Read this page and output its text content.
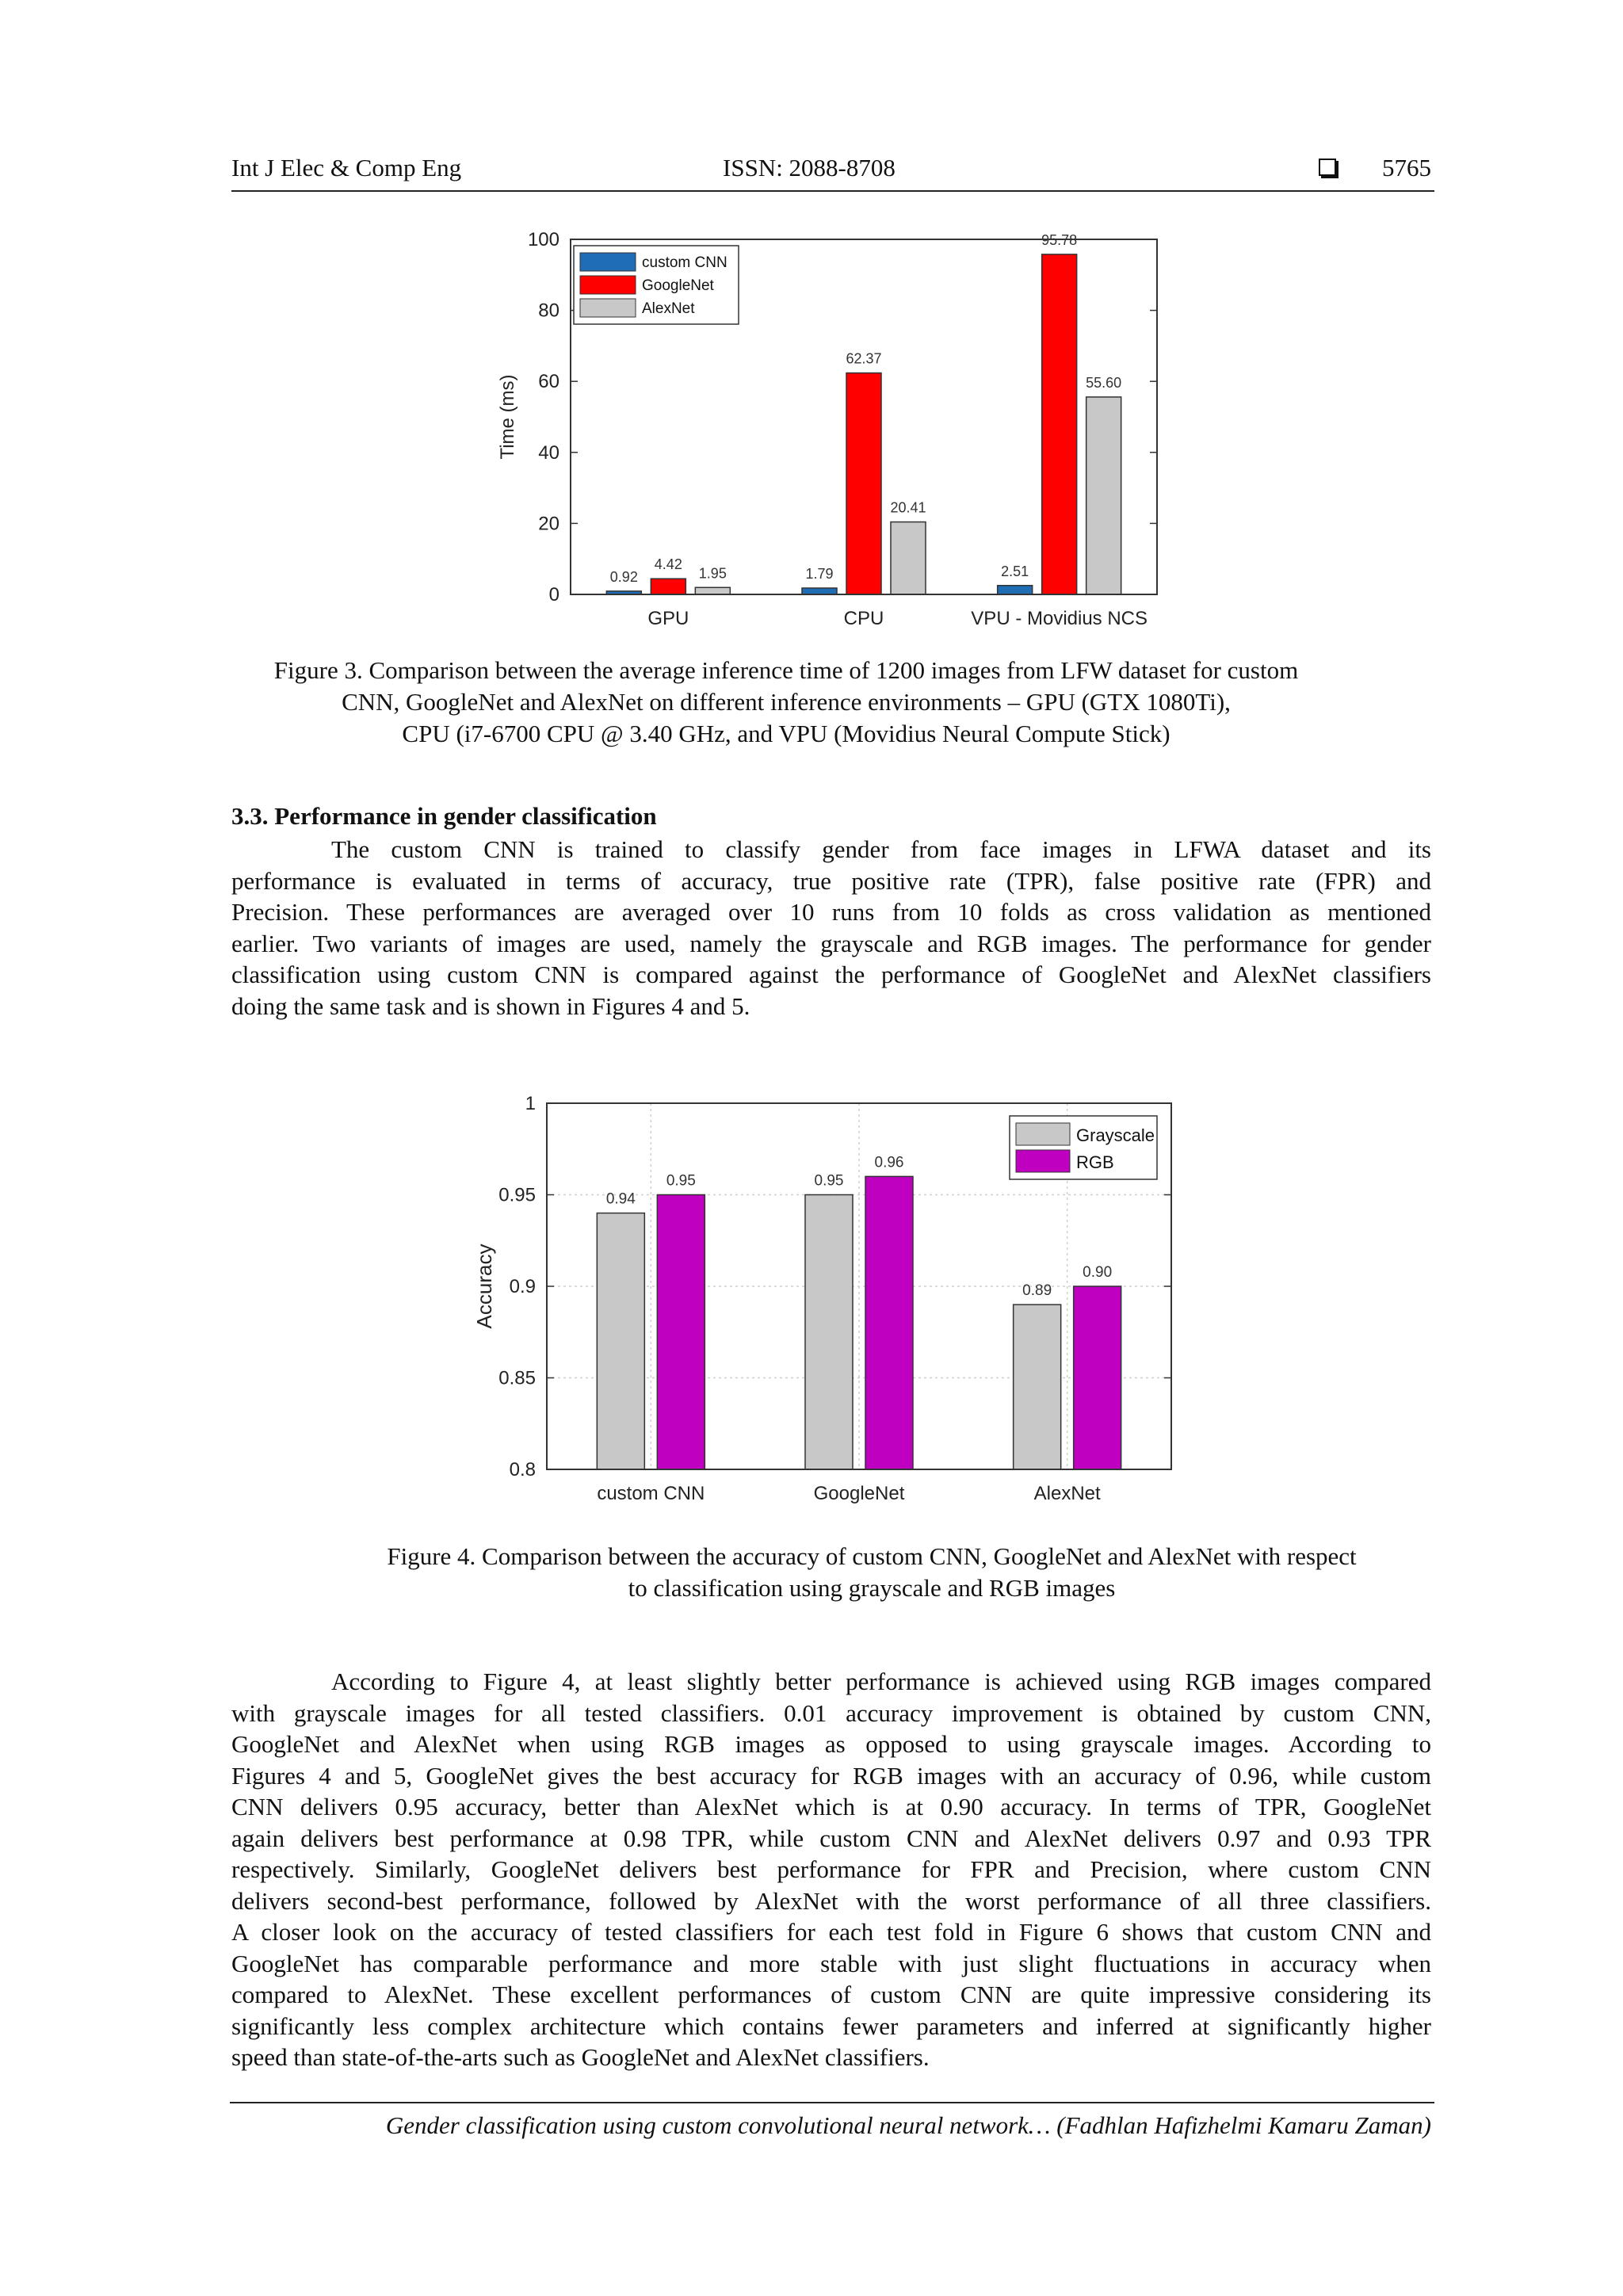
Int J Elec & Comp Eng	ISSN: 2088-8708	5765
0.92	1.79	2.51
4.42
62.37
95.78
1.95
20.41
55.60
0
20
40
60
80
100
GPU	CPU	VPU - Movidius NCS
Time (ms)
custom CNN
GoogleNet
AlexNet
Figure 3. Comparison between the average inference time of 1200 images from LFW dataset for custom
CNN, GoogleNet and AlexNet on different inference environments – GPU (GTX 1080Ti),
CPU (i7-6700 CPU @ 3.40 GHz, and VPU (Movidius Neural Compute Stick)
3.3. Performance in gender classification
The custom CNN is trained to classify gender from face images in LFWA dataset and its
performance is evaluated in terms of accuracy, true positive rate (TPR), false positive rate (FPR) and
Precision. These performances are averaged over 10 runs from 10 folds as cross validation as mentioned
earlier. Two variants of images are used, namely the grayscale and RGB images. The performance for gender
classification using custom CNN is compared against the performance of GoogleNet and AlexNet classifiers
doing the same task and is shown in Figures 4 and 5.
0.94
0.95
0.89
0.95
0.96
0.90
0.8
0.85
0.9
0.95
1
custom CNN	GoogleNet	AlexNet
Accuracy
Grayscale
RGB
Figure 4. Comparison between the accuracy of custom CNN, GoogleNet and AlexNet with respect
to classification using grayscale and RGB images
According to Figure 4, at least slightly better performance is achieved using RGB images compared
with grayscale images for all tested classifiers. 0.01 accuracy improvement is obtained by custom CNN,
GoogleNet and AlexNet when using RGB images as opposed to using grayscale images. According to
Figures 4 and 5, GoogleNet gives the best accuracy for RGB images with an accuracy of 0.96, while custom
CNN delivers 0.95 accuracy, better than AlexNet which is at 0.90 accuracy. In terms of TPR, GoogleNet
again delivers best performance at 0.98 TPR, while custom CNN and AlexNet delivers 0.97 and 0.93 TPR
respectively. Similarly, GoogleNet delivers best performance for FPR and Precision, where custom CNN
delivers second-best performance, followed by AlexNet with the worst performance of all three classifiers.
A closer look on the accuracy of tested classifiers for each test fold in Figure 6 shows that custom CNN and
GoogleNet has comparable performance and more stable with just slight fluctuations in accuracy when
compared to AlexNet. These excellent performances of custom CNN are quite impressive considering its
significantly less complex architecture which contains fewer parameters and inferred at significantly higher
speed than state-of-the-arts such as GoogleNet and AlexNet classifiers.
Gender classification using custom convolutional neural network… (Fadhlan Hafizhelmi Kamaru Zaman)
